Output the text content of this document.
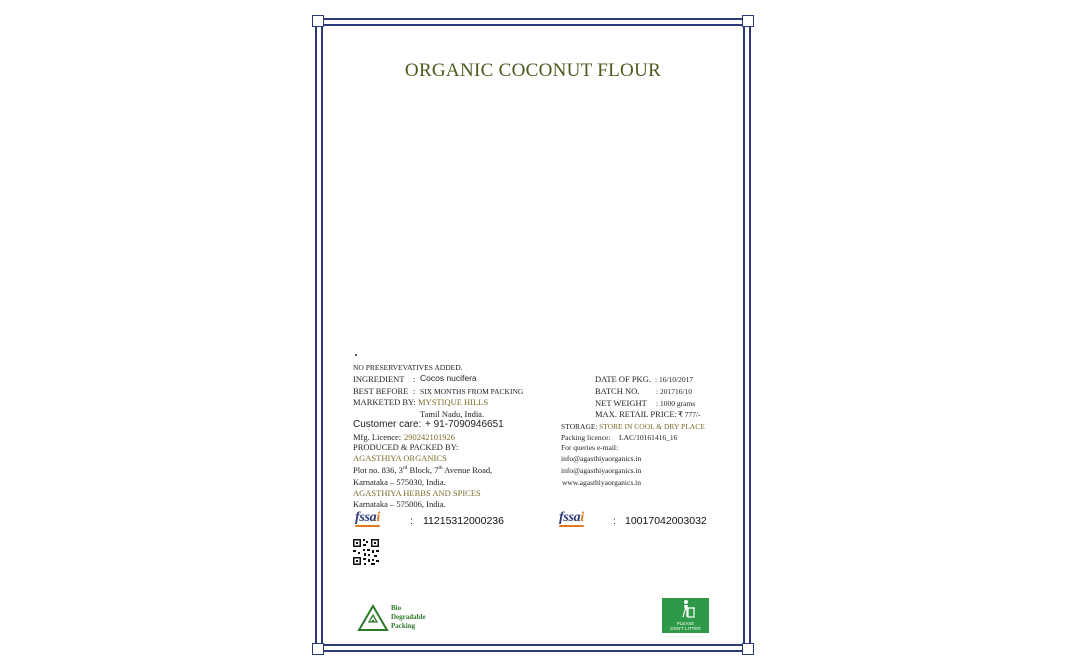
ORGANIC COCONUT FLOUR
NO PRESERVEVATIVES ADDED.
INGREDIENT : Cocos nucifera
BEST BEFORE : SIX MONTHS FROM PACKING
MARKETED BY: MYSTIQUE HILLS
Tamil Nadu, India.
Customer care: + 91-7090946651
Mfg. Licence: 290242101926
PRODUCED & PACKED BY:
AGASTHIYA ORGANICS
Plot no. 836, 3rd Block, 7th Avenue Road,
Karnataka – 575030, India.
AGASTHIYA HERBS AND SPICES
Karnataka – 575006, India.
DATE OF PKG. : 16/10/2017
BATCH NO. : 201716/10
NET WEIGHT : 1000 grams
MAX. RETAIL PRICE: ₹ 777/-
STORAGE: STORE IN COOL & DRY PLACE
Packing licence: LAC/10161416_16
For queries e-mail:
info@agasthiyaorganics.in
info@agasthiyaorganics.in
www.agasthiyaorganics.in
fssai	: 11215312000236	fssai	: 10017042003032
Bio
Degradable
Packing	PLEASE
DON'T LITTER
